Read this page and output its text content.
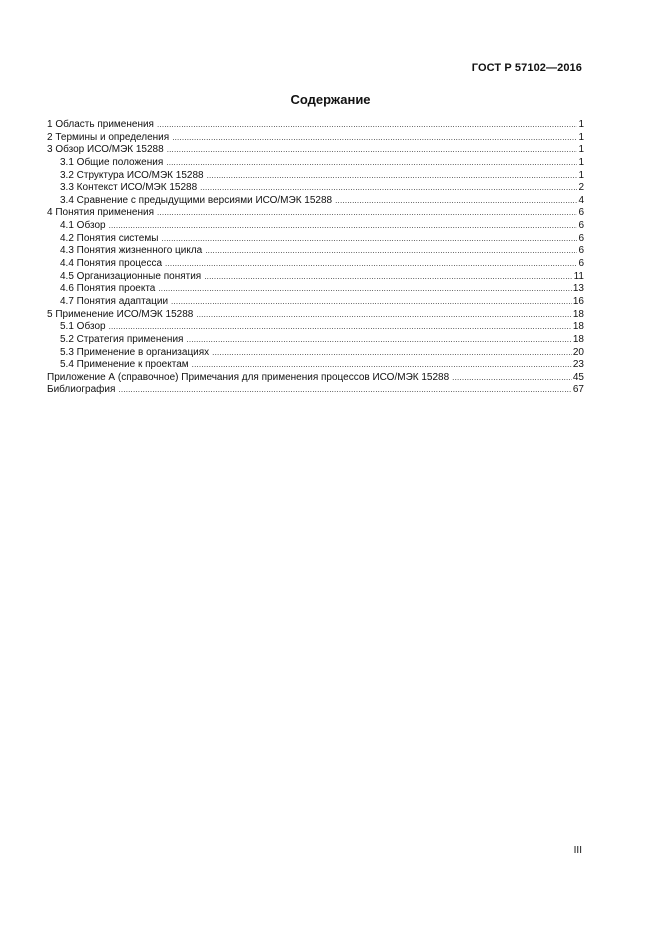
ГОСТ Р 57102—2016
Содержание
1 Область применения .....	1
2 Термины и определения .....	1
3 Обзор ИСО/МЭК 15288 .....	1
3.1 Общие положения .....	1
3.2 Структура ИСО/МЭК 15288 .....	1
3.3 Контекст ИСО/МЭК 15288 .....	2
3.4 Сравнение с предыдущими версиями ИСО/МЭК 15288 .....	4
4 Понятия применения .....	6
4.1 Обзор .....	6
4.2 Понятия системы .....	6
4.3 Понятия жизненного цикла .....	6
4.4 Понятия процесса .....	6
4.5 Организационные понятия .....	11
4.6 Понятия проекта .....	13
4.7 Понятия адаптации .....	16
5 Применение ИСО/МЭК 15288 .....	18
5.1 Обзор .....	18
5.2 Стратегия применения .....	18
5.3 Применение в организациях .....	20
5.4 Применение к проектам .....	23
Приложение А (справочное) Примечания для применения процессов ИСО/МЭК 15288 .....	45
Библиография .....	67
III
